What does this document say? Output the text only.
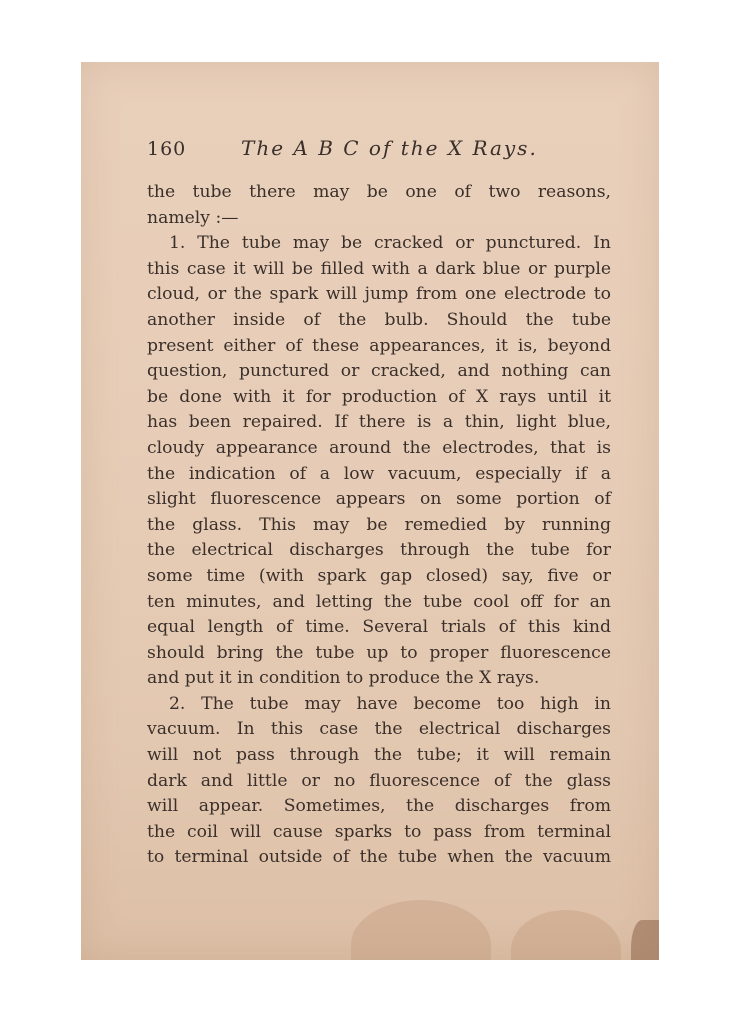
160	The A B C of the X Rays.
the tube there may be one of two reasons,
namely :—
1. The tube may be cracked or punctured. In
this case it will be filled with a dark blue or purple
cloud, or the spark will jump from one electrode to
another inside of the bulb. Should the tube
present either of these appearances, it is, beyond
question, punctured or cracked, and nothing can
be done with it for production of X rays until it
has been repaired. If there is a thin, light blue,
cloudy appearance around the electrodes, that is
the indication of a low vacuum, especially if a
slight fluorescence appears on some portion of
the glass. This may be remedied by running
the electrical discharges through the tube for
some time (with spark gap closed) say, five or
ten minutes, and letting the tube cool off for an
equal length of time. Several trials of this kind
should bring the tube up to proper fluorescence
and put it in condition to produce the X rays.
2. The tube may have become too high in
vacuum. In this case the electrical discharges
will not pass through the tube; it will remain
dark and little or no fluorescence of the glass
will appear. Sometimes, the discharges from
the coil will cause sparks to pass from terminal
to terminal outside of the tube when the vacuum
